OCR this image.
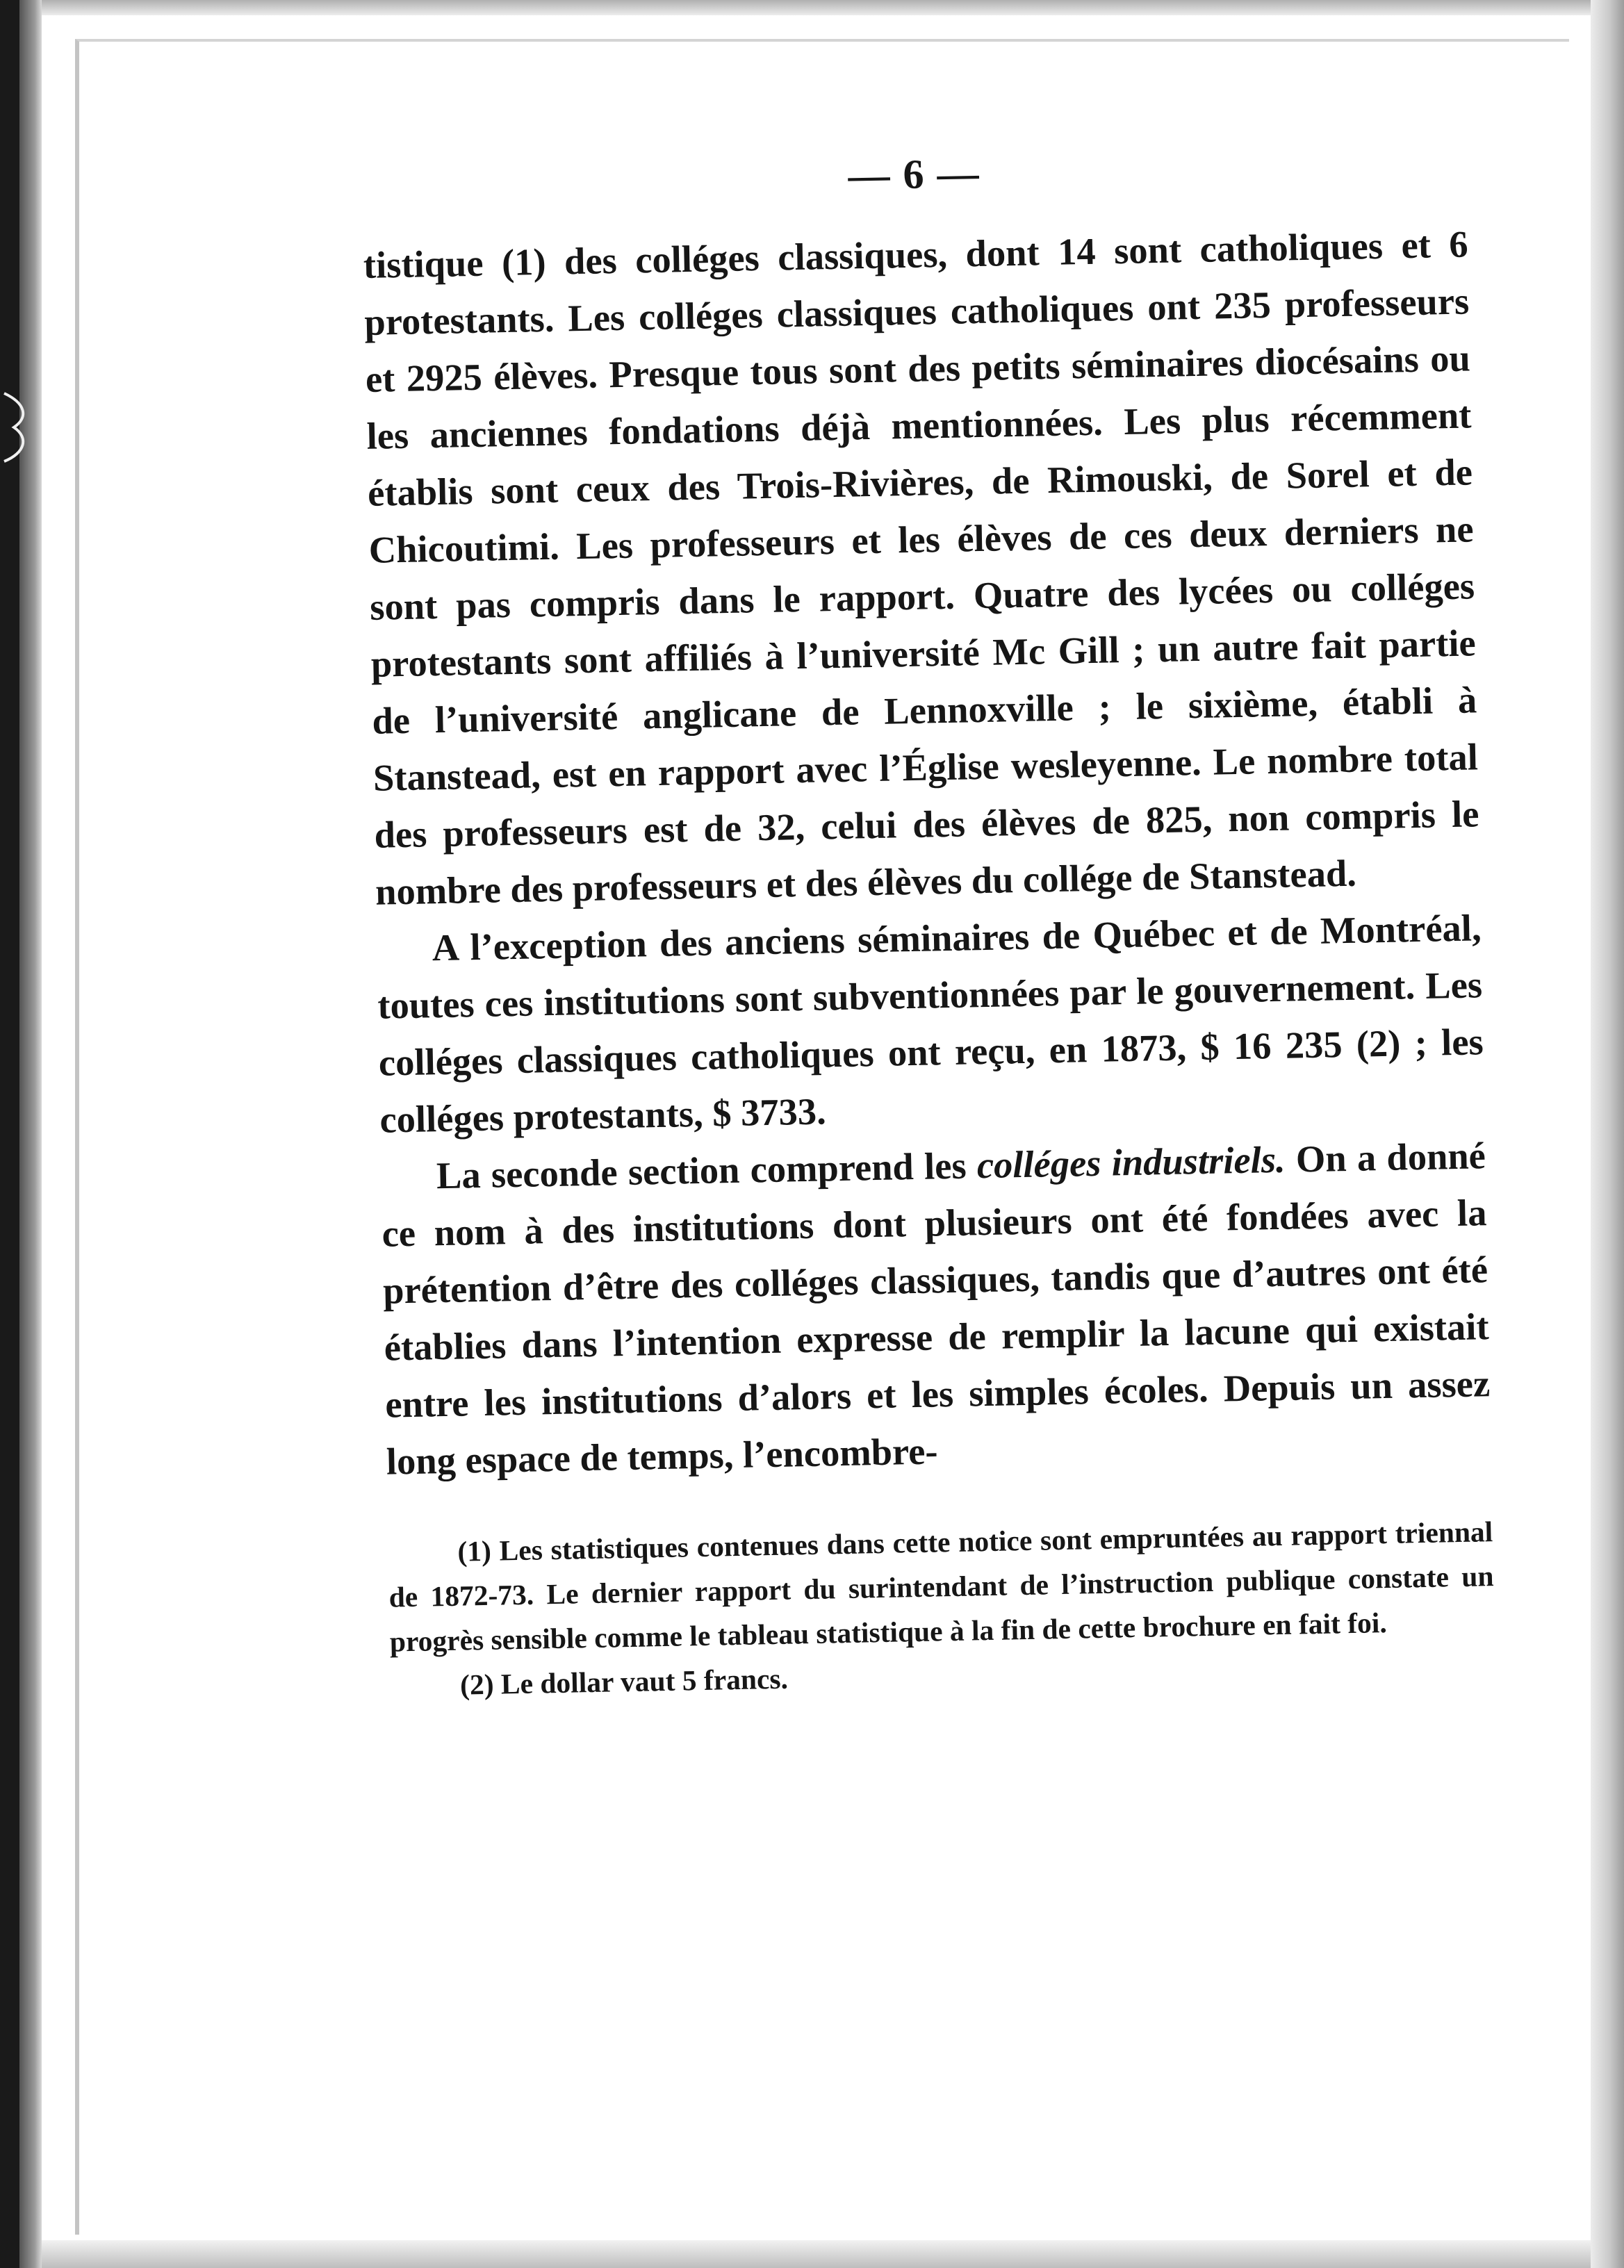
— 6 —

tistique (1) des colléges classiques, dont 14 sont catholiques et 6 protestants. Les colléges classiques catholiques ont 235 professeurs et 2925 élèves. Presque tous sont des petits séminaires diocésains ou les anciennes fondations déjà mentionnées. Les plus récemment établis sont ceux des Trois-Rivières, de Rimouski, de Sorel et de Chicoutimi. Les professeurs et les élèves de ces deux derniers ne sont pas compris dans le rapport. Quatre des lycées ou colléges protestants sont affiliés à l’université Mc Gill ; un autre fait partie de l’université anglicane de Lennoxville ; le sixième, établi à Stanstead, est en rapport avec l’Église wesleyenne. Le nombre total des professeurs est de 32, celui des élèves de 825, non compris le nombre des professeurs et des élèves du collége de Stanstead.

A l’exception des anciens séminaires de Québec et de Montréal, toutes ces institutions sont subventionnées par le gouvernement. Les colléges classiques catholiques ont reçu, en 1873, $ 16 235 (2) ; les colléges protestants, $ 3733.

La seconde section comprend les colléges industriels. On a donné ce nom à des institutions dont plusieurs ont été fondées avec la prétention d’être des colléges classiques, tandis que d’autres ont été établies dans l’intention expresse de remplir la lacune qui existait entre les institutions d’alors et les simples écoles. Depuis un assez long espace de temps, l’encombre-

(1) Les statistiques contenues dans cette notice sont empruntées au rapport triennal de 1872-73. Le dernier rapport du surintendant de l’instruction publique constate un progrès sensible comme le tableau statistique à la fin de cette brochure en fait foi.

(2) Le dollar vaut 5 francs.
